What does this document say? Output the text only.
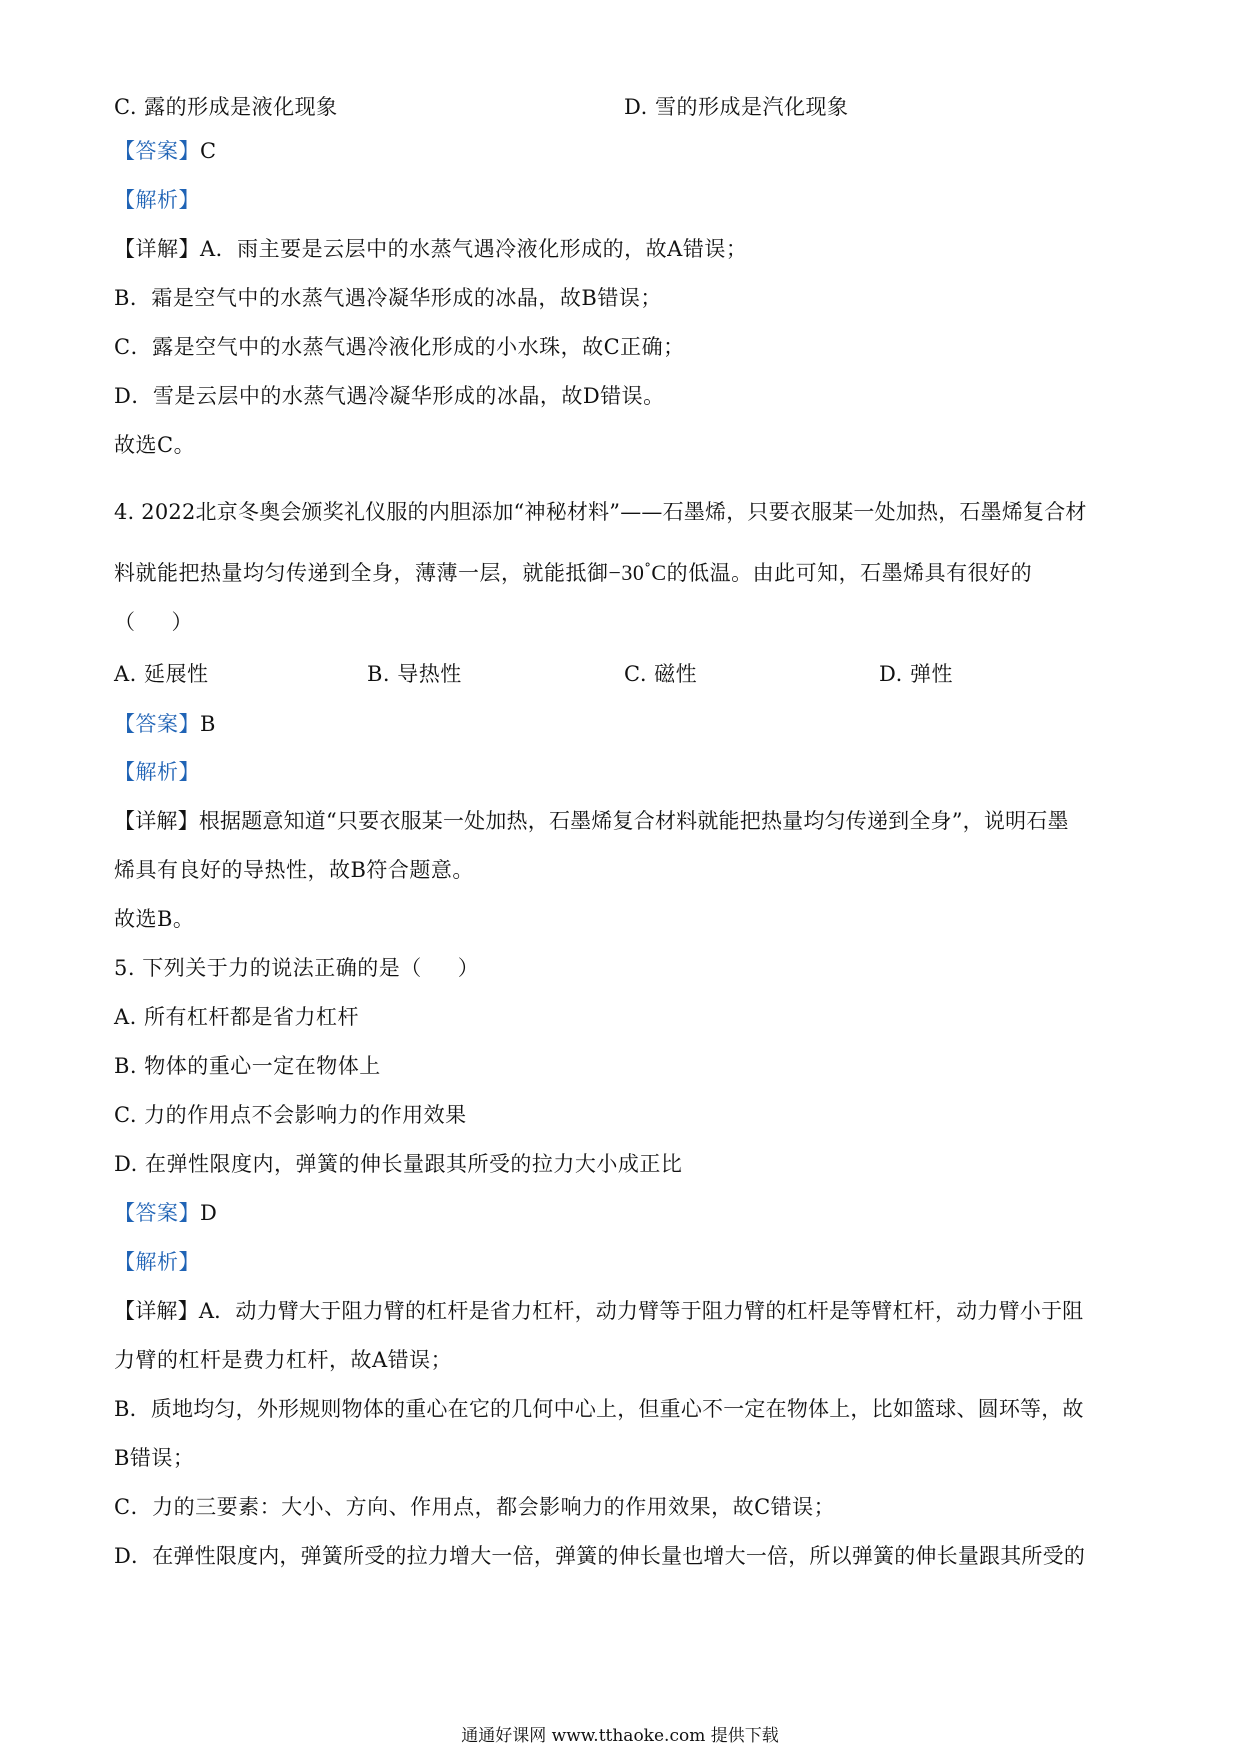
C. 露的形成是液化现象	D. 雪的形成是汽化现象
【答案】C
【解析】
【详解】A．雨主要是云层中的水蒸气遇冷液化形成的，故A错误；
B．霜是空气中的水蒸气遇冷凝华形成的冰晶，故B错误；
C．露是空气中的水蒸气遇冷液化形成的小水珠，故C正确；
D．雪是云层中的水蒸气遇冷凝华形成的冰晶，故D错误。
故选C。
4. 2022北京冬奥会颁奖礼仪服的内胆添加“神秘材料”——石墨烯，只要衣服某一处加热，石墨烯复合材
料就能把热量均匀传递到全身，薄薄一层，就能抵御−30°C的低温。由此可知，石墨烯具有很好的
（ ）
A. 延展性	B. 导热性	C. 磁性	D. 弹性
【答案】B
【解析】
【详解】根据题意知道“只要衣服某一处加热，石墨烯复合材料就能把热量均匀传递到全身”，说明石墨
烯具有良好的导热性，故B符合题意。
故选B。
5. 下列关于力的说法正确的是（ ）
A. 所有杠杆都是省力杠杆
B. 物体的重心一定在物体上
C. 力的作用点不会影响力的作用效果
D. 在弹性限度内，弹簧的伸长量跟其所受的拉力大小成正比
【答案】D
【解析】
【详解】A．动力臂大于阻力臂的杠杆是省力杠杆，动力臂等于阻力臂的杠杆是等臂杠杆，动力臂小于阻
力臂的杠杆是费力杠杆，故A错误；
B．质地均匀，外形规则物体的重心在它的几何中心上，但重心不一定在物体上，比如篮球、圆环等，故
B错误；
C．力的三要素：大小、方向、作用点，都会影响力的作用效果，故C错误；
D．在弹性限度内，弹簧所受的拉力增大一倍，弹簧的伸长量也增大一倍，所以弹簧的伸长量跟其所受的
通通好课网 www.tthaoke.com 提供下载
